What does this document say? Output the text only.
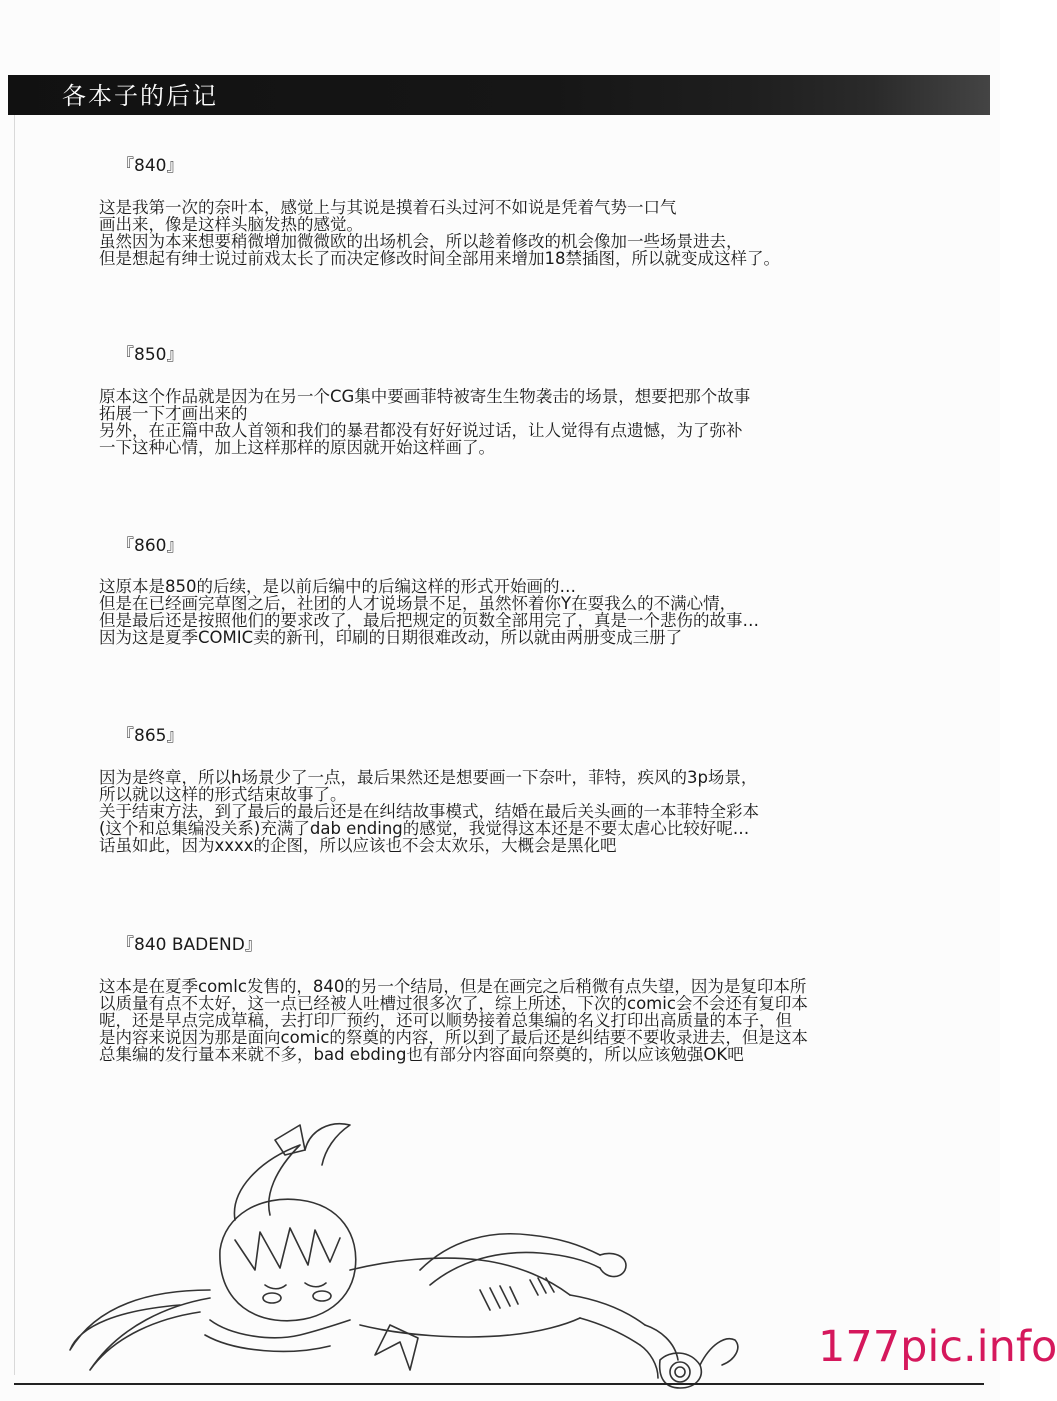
各本子的后记
『840』
这是我第一次的奈叶本，感觉上与其说是摸着石头过河不如说是凭着气势一口气
画出来，像是这样头脑发热的感觉。
虽然因为本来想要稍微增加微微欧的出场机会，所以趁着修改的机会像加一些场景进去，
但是想起有绅士说过前戏太长了而决定修改时间全部用来增加18禁插图，所以就变成这样了。
『850』
原本这个作品就是因为在另一个CG集中要画菲特被寄生生物袭击的场景，想要把那个故事
拓展一下才画出来的
另外，在正篇中敌人首领和我们的暴君都没有好好说过话，让人觉得有点遗憾，为了弥补
一下这种心情，加上这样那样的原因就开始这样画了。
『860』
这原本是850的后续，是以前后编中的后编这样的形式开始画的…
但是在已经画完草图之后，社团的人才说场景不足，虽然怀着你Y在耍我么的不满心情，
但是最后还是按照他们的要求改了，最后把规定的页数全部用完了，真是一个悲伤的故事…
因为这是夏季COMIC卖的新刊，印刷的日期很难改动，所以就由两册变成三册了
『865』
因为是终章，所以h场景少了一点，最后果然还是想要画一下奈叶，菲特，疾风的3p场景，
所以就以这样的形式结束故事了。
关于结束方法，到了最后的最后还是在纠结故事模式，结婚在最后关头画的一本菲特全彩本
(这个和总集编没关系)充满了dab ending的感觉，我觉得这本还是不要太虐心比较好呢…
话虽如此，因为xxxx的企图，所以应该也不会太欢乐，大概会是黑化吧
『840 BADEND』
这本是在夏季comlc发售的，840的另一个结局，但是在画完之后稍微有点失望，因为是复印本所
以质量有点不太好，这一点已经被人吐槽过很多次了，综上所述，下次的comic会不会还有复印本
呢，还是早点完成草稿，去打印厂预约，还可以顺势接着总集编的名义打印出高质量的本子，但
是内容来说因为那是面向comic的祭奠的内容，所以到了最后还是纠结要不要收录进去，但是这本
总集编的发行量本来就不多，bad ebding也有部分内容面向祭奠的，所以应该勉强OK吧
177pic.info
